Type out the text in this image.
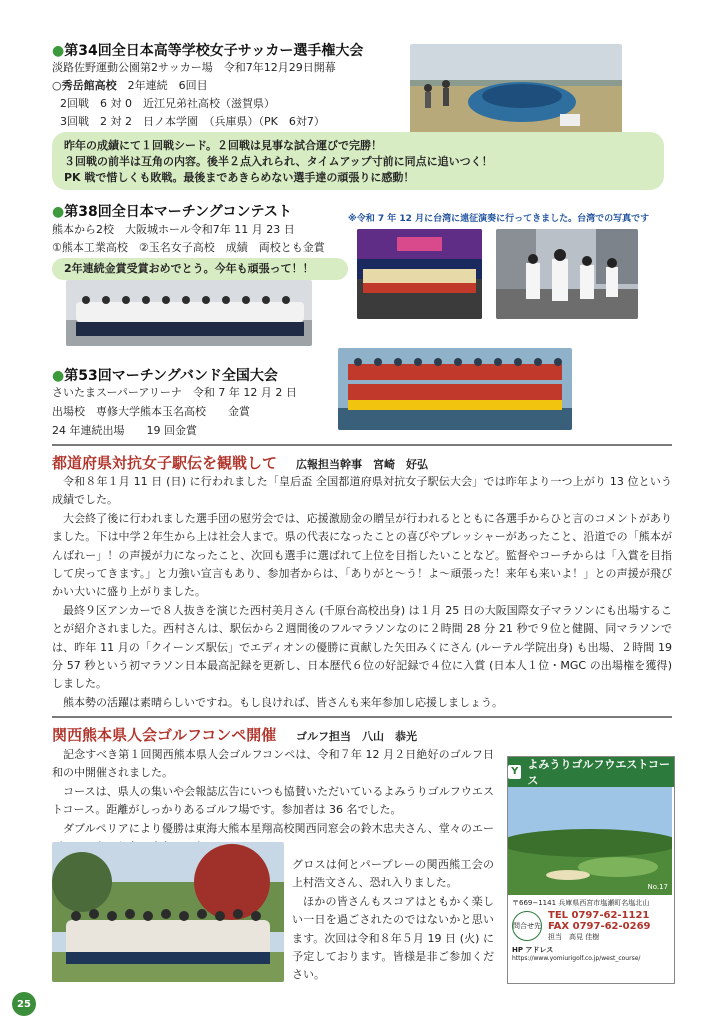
●第34回全日本高等学校女子サッカー選手権大会
淡路佐野運動公園第2サッカー場　令和7年12月29日開幕
○秀岳館高校　 2年連続　6回目
2回戦　6 対 0　近江兄弟社高校（滋賀県）
3回戦　2 対 2　日ノ本学園　（兵庫県）（PK　6対7）
昨年の成績にて１回戦シード。２回戦は見事な試合運びで完勝！
３回戦の前半は互角の内容。後半２点入れられ、タイムアップ寸前に同点に追いつく！
PK 戦で惜しくも敗戦。最後まであきらめない選手達の頑張りに感動！
●第38回全日本マーチングコンテスト	※令和 7 年 12 月に台湾に遠征演奏に行ってきました。台湾での写真です
熊本から2校　大阪城ホール令和7年 11 月 23 日
①熊本工業高校　②玉名女子高校　成績　両校とも金賞
2年連続金賞受賞おめでとう。今年も頑張って！！
●第53回マーチングバンド全国大会
さいたまスーパーアリーナ　令和 7 年 12 月 2 日
出場校　専修大学熊本玉名高校　　金賞
24 年連続出場　　19 回金賞
都道府県対抗女子駅伝を観戦して 広報担当幹事　宮崎　好弘

令和８年１月 11 日 (日) に行われました「皇后盃 全国都道府県対抗女子駅伝大会」では昨年より一つ上がり 13 位という成績でした。

大会終了後に行われました選手団の慰労会では、応援激励金の贈呈が行われるとともに各選手からひと言のコメントがありました。下は中学２年生から上は社会人まで。県の代表になったことの喜びやプレッシャーがあったこと、沿道での「熊本がんばれー」！の声援が力になったこと、次回も選手に選ばれて上位を目指したいことなど。監督やコーチからは「入賞を目指して戻ってきます。」と力強い宣言もあり、参加者からは、「ありがと～う！よ～頑張った！来年も来いよ！」との声援が飛びかい大いに盛り上がりました。

最終９区アンカーで８人抜きを演じた西村美月さん (千原台高校出身) は１月 25 日の大阪国際女子マラソンにも出場することが紹介されました。西村さんは、駅伝から２週間後のフルマラソンなのに２時間 28 分 21 秒で９位と健闘、同マラソンでは、昨年 11 月の「クイーンズ駅伝」でエディオンの優勝に貢献した矢田みくにさん (ルーテル学院出身) も出場、２時間 19 分 57 秒という初マラソン日本最高記録を更新し、日本歴代６位の好記録で４位に入賞 (日本人１位・MGC の出場権を獲得) しました。

熊本勢の活躍は素晴らしいですね。もし良ければ、皆さんも来年参加し応援しましょう。

関西熊本県人会ゴルフコンペ開催 ゴルフ担当　八山　恭光

記念すべき第１回関西熊本県人会ゴルフコンペは、令和７年 12 月２日絶好のゴルフ日和の中開催されました。

コースは、県人の集いや会報誌広告にいつも協賛いただいているよみうりゴルフウエストコース。距離がしっかりあるゴルフ場です。参加者は 36 名でした。

ダブルペリアにより優勝は東海大熊本星翔高校関西同窓会の鈴木忠夫さん、堂々のエー

グロスは何とパープレーの関西熊工会の上村浩文さん、恐れ入りました。

ほかの皆さんもスコアはともかく楽しい一日を過ごされたのではないかと思います。次回は令和８年５月 19 日 (火) に予定しております。皆様是非ご参加ください。

Y
よみうりゴルフウエストコース
No.17
〒669−1141 兵庫県西宮市塩瀬町名塩北山
問合せ先
TEL 0797-62-1121
FAX 0797-62-0269
担当　高見 佳樹
HP アドレス
https://www.yomiurigolf.co.jp/west_course/
25
